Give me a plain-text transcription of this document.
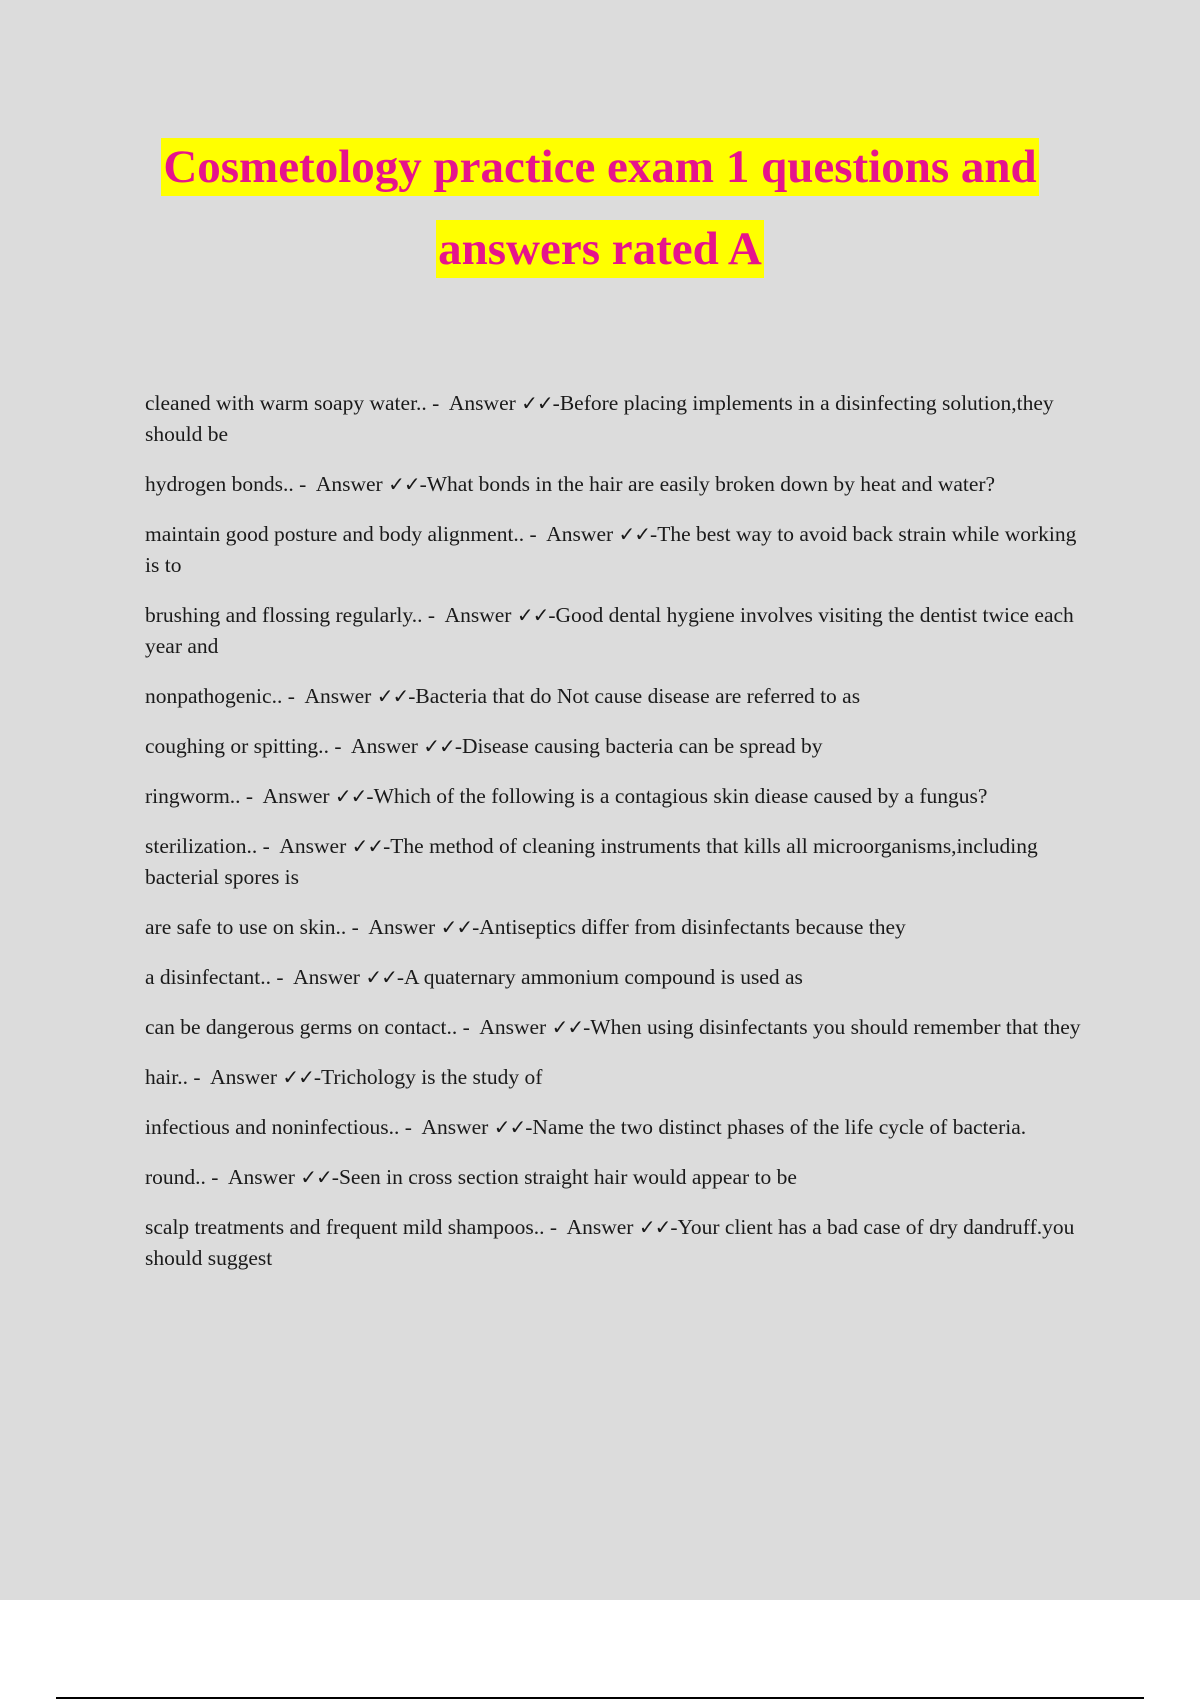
Cosmetology practice exam 1 questions and
answers rated A

cleaned with warm soapy water.. -  Answer ✓✓-Before placing implements in a disinfecting solution,they should be

hydrogen bonds.. -  Answer ✓✓-What bonds in the hair are easily broken down by heat and water?

maintain good posture and body alignment.. -  Answer ✓✓-The best way to avoid back strain while working is to

brushing and flossing regularly.. -  Answer ✓✓-Good dental hygiene involves visiting the dentist twice each year and

nonpathogenic.. -  Answer ✓✓-Bacteria that do Not cause disease are referred to as

coughing or spitting.. -  Answer ✓✓-Disease causing bacteria can be spread by

ringworm.. -  Answer ✓✓-Which of the following is a contagious skin diease caused by a fungus?

sterilization.. -  Answer ✓✓-The method of cleaning instruments that kills all microorganisms,including bacterial spores is

are safe to use on skin.. -  Answer ✓✓-Antiseptics differ from disinfectants because they

a disinfectant.. -  Answer ✓✓-A quaternary ammonium compound is used as

can be dangerous germs on contact.. -  Answer ✓✓-When using disinfectants you should remember that they

hair.. -  Answer ✓✓-Trichology is the study of

infectious and noninfectious.. -  Answer ✓✓-Name the two distinct phases of the life cycle of bacteria.

round.. -  Answer ✓✓-Seen in cross section straight hair would appear to be

scalp treatments and frequent mild shampoos.. -  Answer ✓✓-Your client has a bad case of dry dandruff.you should suggest
